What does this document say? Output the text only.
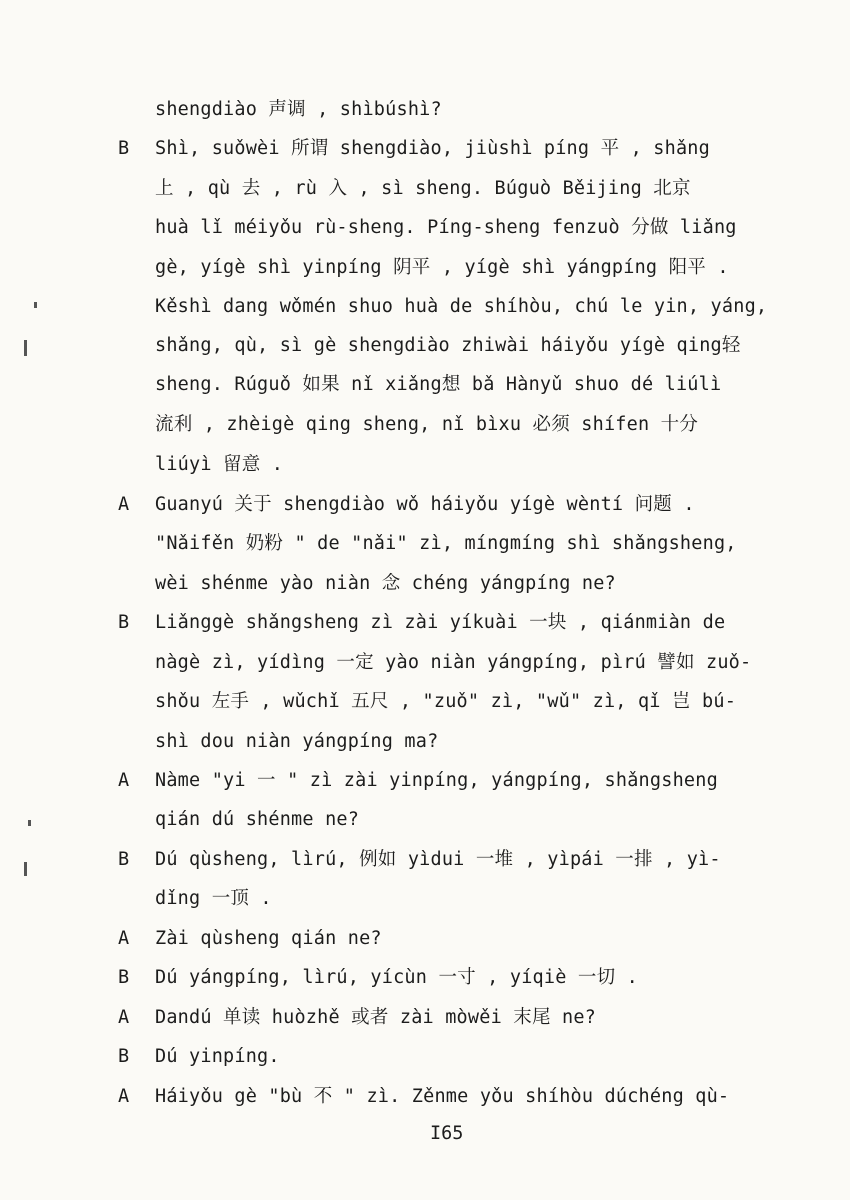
shengdiào 声调 , shìbúshì?
B Shì, suǒwèi 所谓 shengdiào, jiùshì píng 平 , shǎng
上 , qù 去 , rù 入 , sì sheng. Búguò Běijing 北京
huà lǐ méiyǒu rù-sheng. Píng-sheng fenzuò 分做 liǎng
gè, yígè shì yinpíng 阴平 , yígè shì yángpíng 阳平 .
Kěshì dang wǒmén shuo huà de shíhòu, chú le yin, yáng,
shǎng, qù, sì gè shengdiào zhiwài háiyǒu yígè qing轻
sheng. Rúguǒ 如果 nǐ xiǎng想 bǎ Hànyǔ shuo dé liúlì
流利 , zhèigè qing sheng, nǐ bìxu 必须 shífen 十分
liúyì 留意 .
A Guanyú 关于 shengdiào wǒ háiyǒu yígè wèntí 问题 .
"Nǎifěn 奶粉 " de "nǎi" zì, míngmíng shì shǎngsheng,
wèi shénme yào niàn 念 chéng yángpíng ne?
B Liǎnggè shǎngsheng zì zài yíkuài 一块 , qiánmiàn de
nàgè zì, yídìng 一定 yào niàn yángpíng, pìrú 譬如 zuǒ-
shǒu 左手 , wǔchǐ 五尺 , "zuǒ" zì, "wǔ" zì, qǐ 岂 bú-
shì dou niàn yángpíng ma?
A Nàme "yi 一 " zì zài yinpíng, yángpíng, shǎngsheng
qián dú shénme ne?
B Dú qùsheng, lìrú, 例如 yìdui 一堆 , yìpái 一排 , yì-
dǐng 一顶 .
A Zài qùsheng qián ne?
B Dú yángpíng, lìrú, yícùn 一寸 , yíqiè 一切 .
A Dandú 单读 huòzhě 或者 zài mòwěi 末尾 ne?
B Dú yinpíng.
A Háiyǒu gè "bù 不 " zì. Zěnme yǒu shíhòu dúchéng qù-
I65
